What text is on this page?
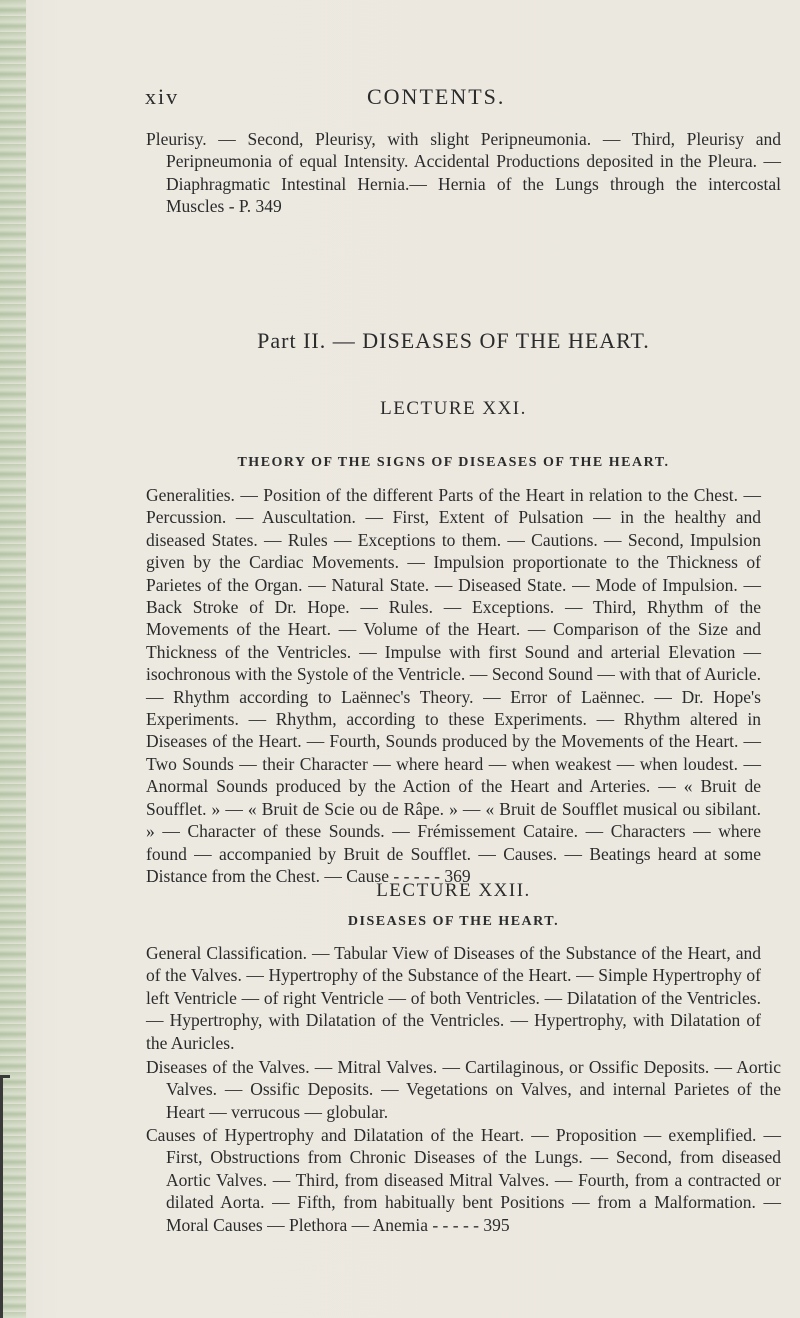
xiv	CONTENTS.
Pleurisy. — Second, Pleurisy, with slight Peripneumonia. — Third, Pleurisy and Peripneumonia of equal Intensity. Accidental Productions deposited in the Pleura. — Diaphragmatic Intestinal Hernia.— Hernia of the Lungs through the intercostal Muscles - P. 349
Part II. — DISEASES OF THE HEART.
LECTURE XXI.
THEORY OF THE SIGNS OF DISEASES OF THE HEART.
Generalities. — Position of the different Parts of the Heart in relation to the Chest. — Percussion. — Auscultation. — First, Extent of Pulsation — in the healthy and diseased States. — Rules — Exceptions to them. — Cautions. — Second, Impulsion given by the Cardiac Movements. — Impulsion proportionate to the Thickness of Parietes of the Organ. — Natural State. — Diseased State. — Mode of Impulsion. — Back Stroke of Dr. Hope. — Rules. — Exceptions. — Third, Rhythm of the Movements of the Heart. — Volume of the Heart. — Comparison of the Size and Thickness of the Ventricles. — Impulse with first Sound and arterial Elevation — isochronous with the Systole of the Ventricle. — Second Sound — with that of Auricle. — Rhythm according to Laënnec's Theory. — Error of Laënnec. — Dr. Hope's Experiments. — Rhythm, according to these Experiments. — Rhythm altered in Diseases of the Heart. — Fourth, Sounds produced by the Movements of the Heart. — Two Sounds — their Character — where heard — when weakest — when loudest. — Anormal Sounds produced by the Action of the Heart and Arteries. — « Bruit de Soufflet. » — « Bruit de Scie ou de Râpe. » — « Bruit de Soufflet musical ou sibilant. » — Character of these Sounds. — Frémissement Cataire. — Characters — where found — accompanied by Bruit de Soufflet. — Causes. — Beatings heard at some Distance from the Chest. — Cause - - - - - 369
LECTURE XXII.
DISEASES OF THE HEART.
General Classification. — Tabular View of Diseases of the Substance of the Heart, and of the Valves. — Hypertrophy of the Substance of the Heart. — Simple Hypertrophy of left Ventricle — of right Ventricle — of both Ventricles. — Dilatation of the Ventricles. — Hypertrophy, with Dilatation of the Ventricles. — Hypertrophy, with Dilatation of the Auricles.
Diseases of the Valves. — Mitral Valves. — Cartilaginous, or Ossific Deposits. — Aortic Valves. — Ossific Deposits. — Vegetations on Valves, and internal Parietes of the Heart — verrucous — globular.
Causes of Hypertrophy and Dilatation of the Heart. — Proposition — exemplified. — First, Obstructions from Chronic Diseases of the Lungs. — Second, from diseased Aortic Valves. — Third, from diseased Mitral Valves. — Fourth, from a contracted or dilated Aorta. — Fifth, from habitually bent Positions — from a Malformation. — Moral Causes — Plethora — Anemia - - - - - 395
